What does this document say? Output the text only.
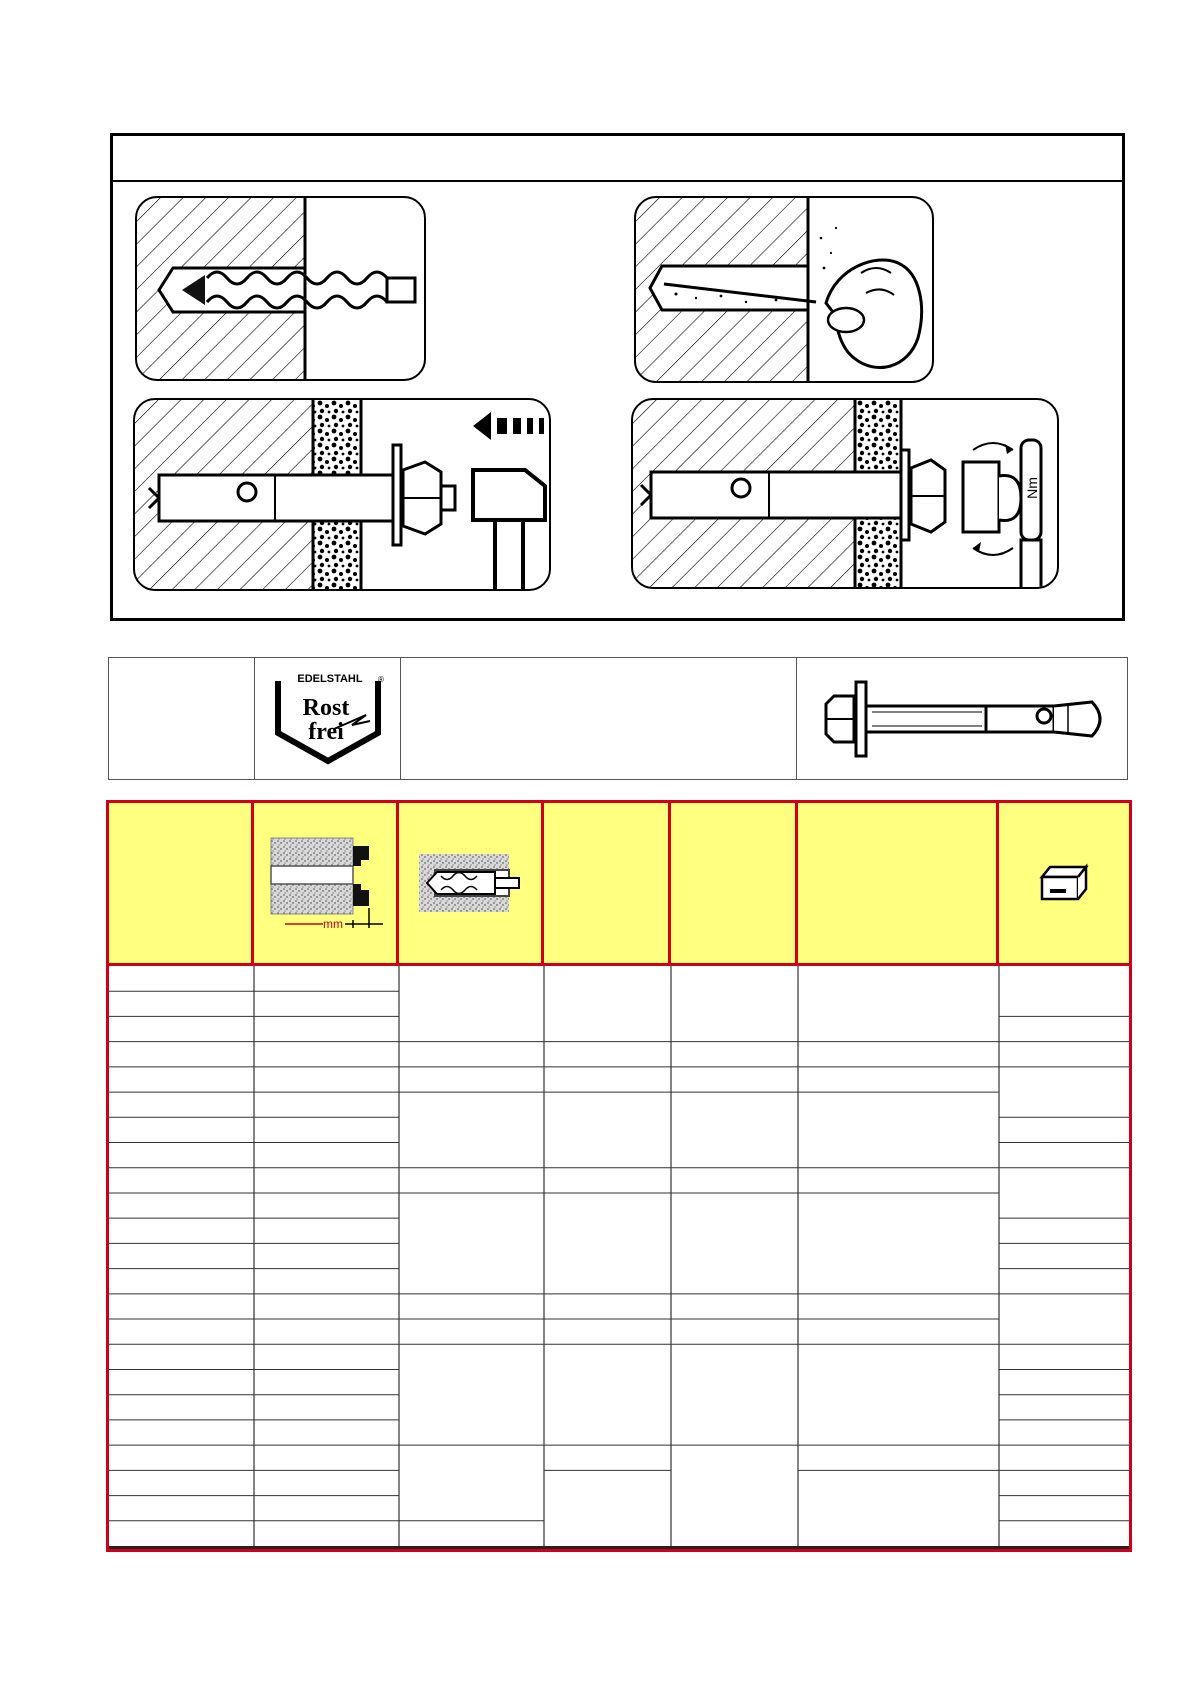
Nm
EDELSTAHL ®
Rost
frei
mm
